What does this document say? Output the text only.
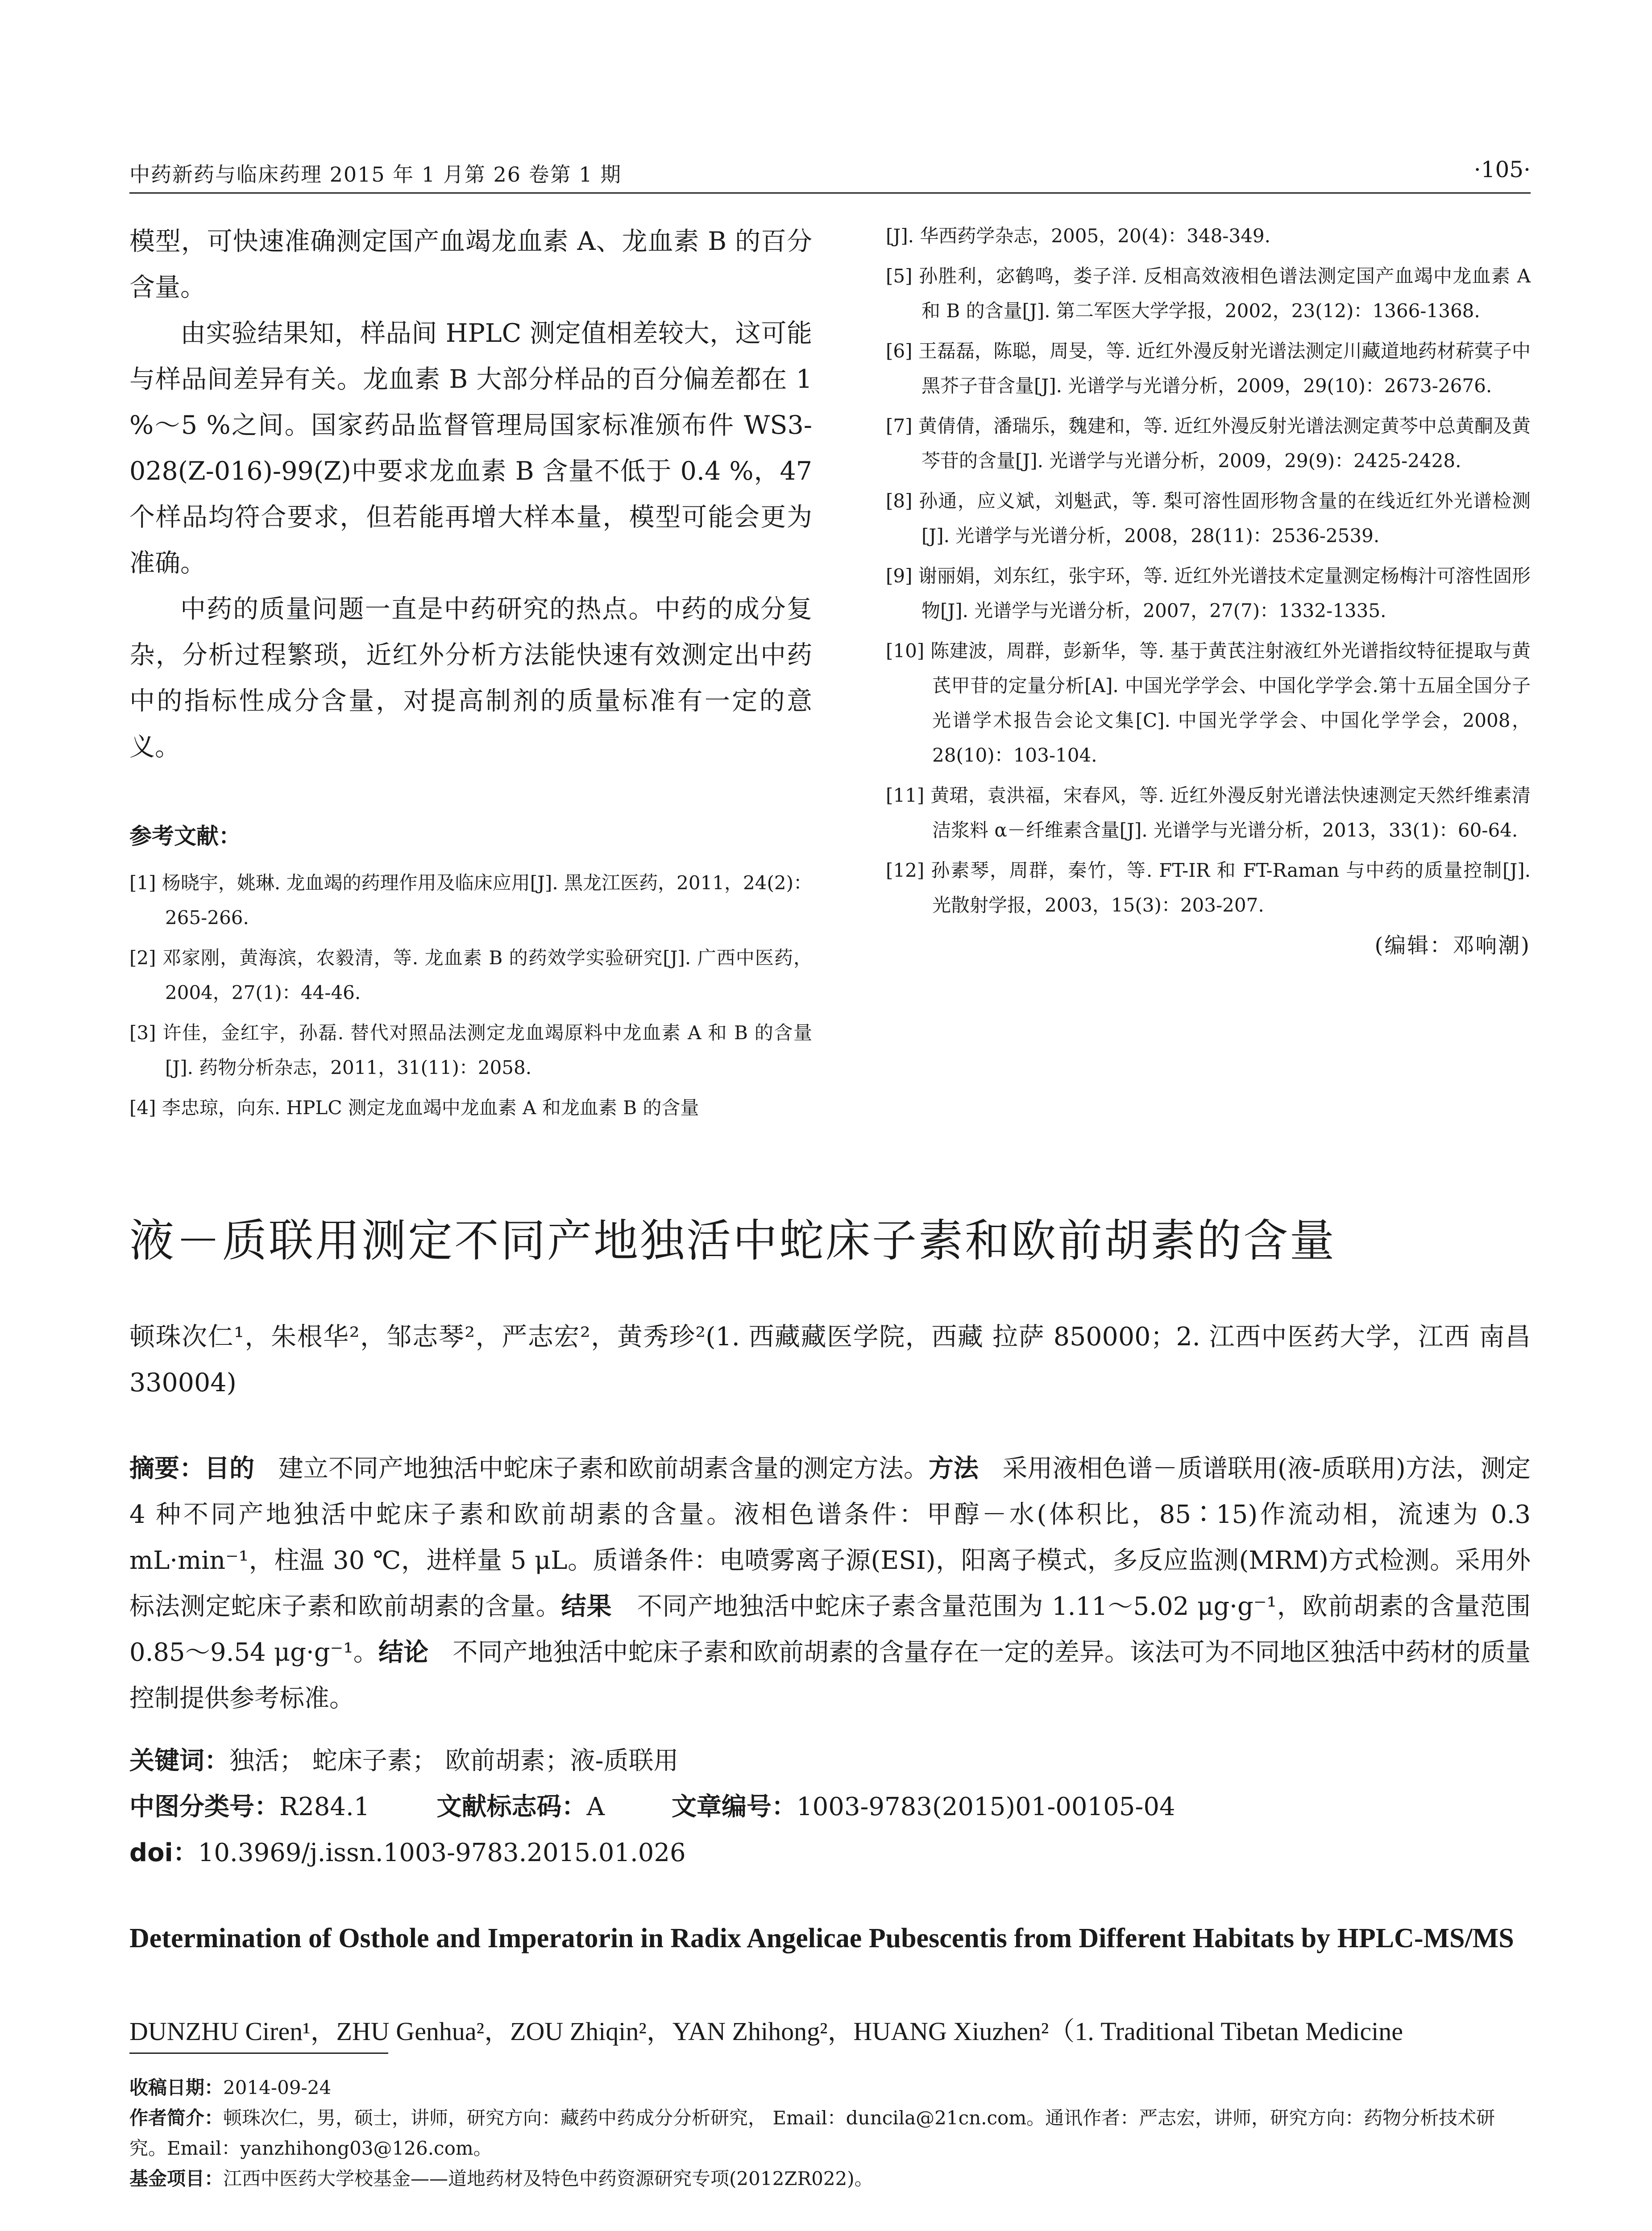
中药新药与临床药理 2015 年 1 月第 26 卷第 1 期	·105·

模型，可快速准确测定国产血竭龙血素 A、龙血素 B 的百分含量。

由实验结果知，样品间 HPLC 测定值相差较大，这可能与样品间差异有关。龙血素 B 大部分样品的百分偏差都在 1 %～5 %之间。国家药品监督管理局国家标准颁布件 WS3-028(Z-016)-99(Z)中要求龙血素 B 含量不低于 0.4 %，47 个样品均符合要求，但若能再增大样本量，模型可能会更为准确。

中药的质量问题一直是中药研究的热点。中药的成分复杂，分析过程繁琐，近红外分析方法能快速有效测定出中药中的指标性成分含量，对提高制剂的质量标准有一定的意义。

参考文献：

[1] 杨晓宇，姚琳. 龙血竭的药理作用及临床应用[J]. 黑龙江医药，2011，24(2)：265-266.

[2] 邓家刚，黄海滨，农毅清，等. 龙血素 B 的药效学实验研究[J]. 广西中医药，2004，27(1)：44-46.

[3] 许佳，金红宇，孙磊. 替代对照品法测定龙血竭原料中龙血素 A 和 B 的含量[J]. 药物分析杂志，2011，31(11)：2058.

[4] 李忠琼，向东. HPLC 测定龙血竭中龙血素 A 和龙血素 B 的含量

[J]. 华西药学杂志，2005，20(4)：348-349.

[5] 孙胜利，宓鹤鸣，娄子洋. 反相高效液相色谱法测定国产血竭中龙血素 A 和 B 的含量[J]. 第二军医大学学报，2002，23(12)：1366-1368.

[6] 王磊磊，陈聪，周旻，等. 近红外漫反射光谱法测定川藏道地药材菥蓂子中黑芥子苷含量[J]. 光谱学与光谱分析，2009，29(10)：2673-2676.

[7] 黄倩倩，潘瑞乐，魏建和，等. 近红外漫反射光谱法测定黄芩中总黄酮及黄芩苷的含量[J]. 光谱学与光谱分析，2009，29(9)：2425-2428.

[8] 孙通，应义斌，刘魁武，等. 梨可溶性固形物含量的在线近红外光谱检测[J]. 光谱学与光谱分析，2008，28(11)：2536-2539.

[9] 谢丽娟，刘东红，张宇环，等. 近红外光谱技术定量测定杨梅汁可溶性固形物[J]. 光谱学与光谱分析，2007，27(7)：1332-1335.

[10] 陈建波，周群，彭新华，等. 基于黄芪注射液红外光谱指纹特征提取与黄芪甲苷的定量分析[A]. 中国光学学会、中国化学学会.第十五届全国分子光谱学术报告会论文集[C]. 中国光学学会、中国化学学会，2008，28(10)：103-104.

[11] 黄珺，袁洪福，宋春风，等. 近红外漫反射光谱法快速测定天然纤维素清洁浆料 α－纤维素含量[J]. 光谱学与光谱分析，2013，33(1)：60-64.

[12] 孙素琴，周群，秦竹，等. FT-IR 和 FT-Raman 与中药的质量控制[J]. 光散射学报，2003，15(3)：203-207.

(编辑：邓响潮)
液－质联用测定不同产地独活中蛇床子素和欧前胡素的含量
顿珠次仁¹，朱根华²，邹志琴²，严志宏²，黄秀珍²(1. 西藏藏医学院，西藏 拉萨 850000；2. 江西中医药大学，江西 南昌 330004)
摘要：目的 建立不同产地独活中蛇床子素和欧前胡素含量的测定方法。方法 采用液相色谱－质谱联用(液-质联用)方法，测定 4 种不同产地独活中蛇床子素和欧前胡素的含量。液相色谱条件：甲醇－水(体积比，85∶15)作流动相，流速为 0.3 mL·min⁻¹，柱温 30 ℃，进样量 5 μL。质谱条件：电喷雾离子源(ESI)，阳离子模式，多反应监测(MRM)方式检测。采用外标法测定蛇床子素和欧前胡素的含量。结果 不同产地独活中蛇床子素含量范围为 1.11～5.02 μg·g⁻¹，欧前胡素的含量范围 0.85～9.54 μg·g⁻¹。结论 不同产地独活中蛇床子素和欧前胡素的含量存在一定的差异。该法可为不同地区独活中药材的质量控制提供参考标准。
关键词：独活； 蛇床子素； 欧前胡素；液-质联用
中图分类号：R284.1	文献标志码：A	文章编号：1003-9783(2015)01-00105-04
doi：10.3969/j.issn.1003-9783.2015.01.026
Determination of Osthole and Imperatorin in Radix Angelicae Pubescentis from Different Habitats by HPLC-MS/MS
DUNZHU Ciren¹，ZHU Genhua²，ZOU Zhiqin²，YAN Zhihong²，HUANG Xiuzhen²（1. Traditional Tibetan Medicine

收稿日期：2014-09-24

作者简介：顿珠次仁，男，硕士，讲师，研究方向：藏药中药成分分析研究， Email：duncila@21cn.com。通讯作者：严志宏，讲师，研究方向：药物分析技术研究。Email：yanzhihong03@126.com。

基金项目：江西中医药大学校基金——道地药材及特色中药资源研究专项(2012ZR022)。
